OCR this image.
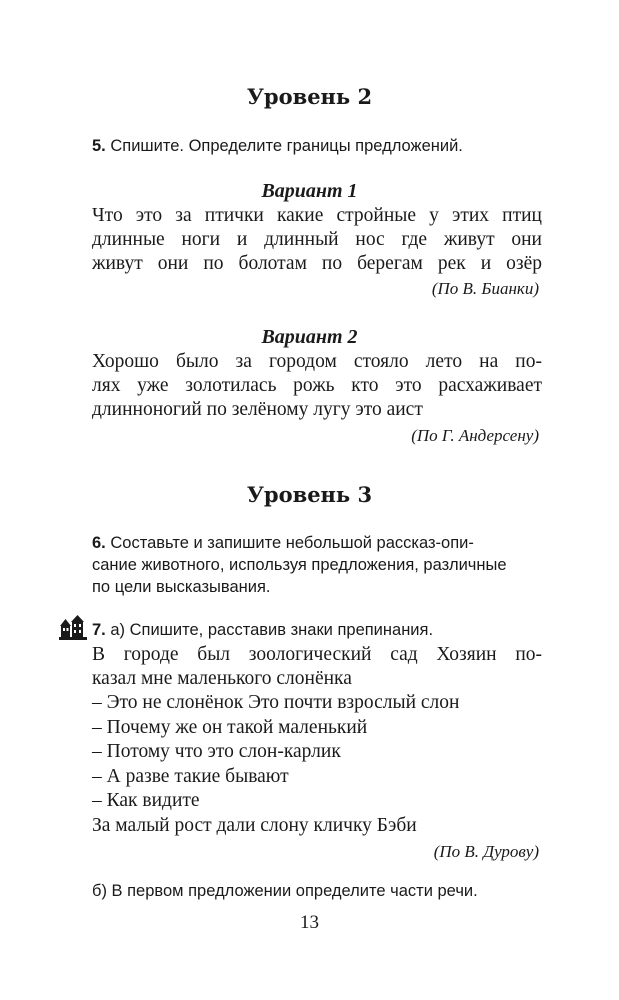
Уровень 2
5. Спишите. Определите границы предложений.
Вариант 1
Что это за птички какие стройные у этих птиц
длинные ноги и длинный нос где живут они
живут они по болотам по берегам рек и озёр
(По В. Бианки)
Вариант 2
Хорошо было за городом стояло лето на по-
лях уже золотилась рожь кто это расхаживает
длинноногий по зелёному лугу это аист
(По Г. Андерсену)
Уровень 3
6. Составьте и запишите небольшой рассказ-опи-
сание животного, используя предложения, различные
по цели высказывания.
7. а) Спишите, расставив знаки препинания.
В городе был зоологический сад Хозяин по-
казал мне маленького слонёнка
– Это не слонёнок Это почти взрослый слон
– Почему же он такой маленький
– Потому что это слон-карлик
– А разве такие бывают
– Как видите
За малый рост дали слону кличку Бэби
(По В. Дурову)
б) В первом предложении определите части речи.
13
